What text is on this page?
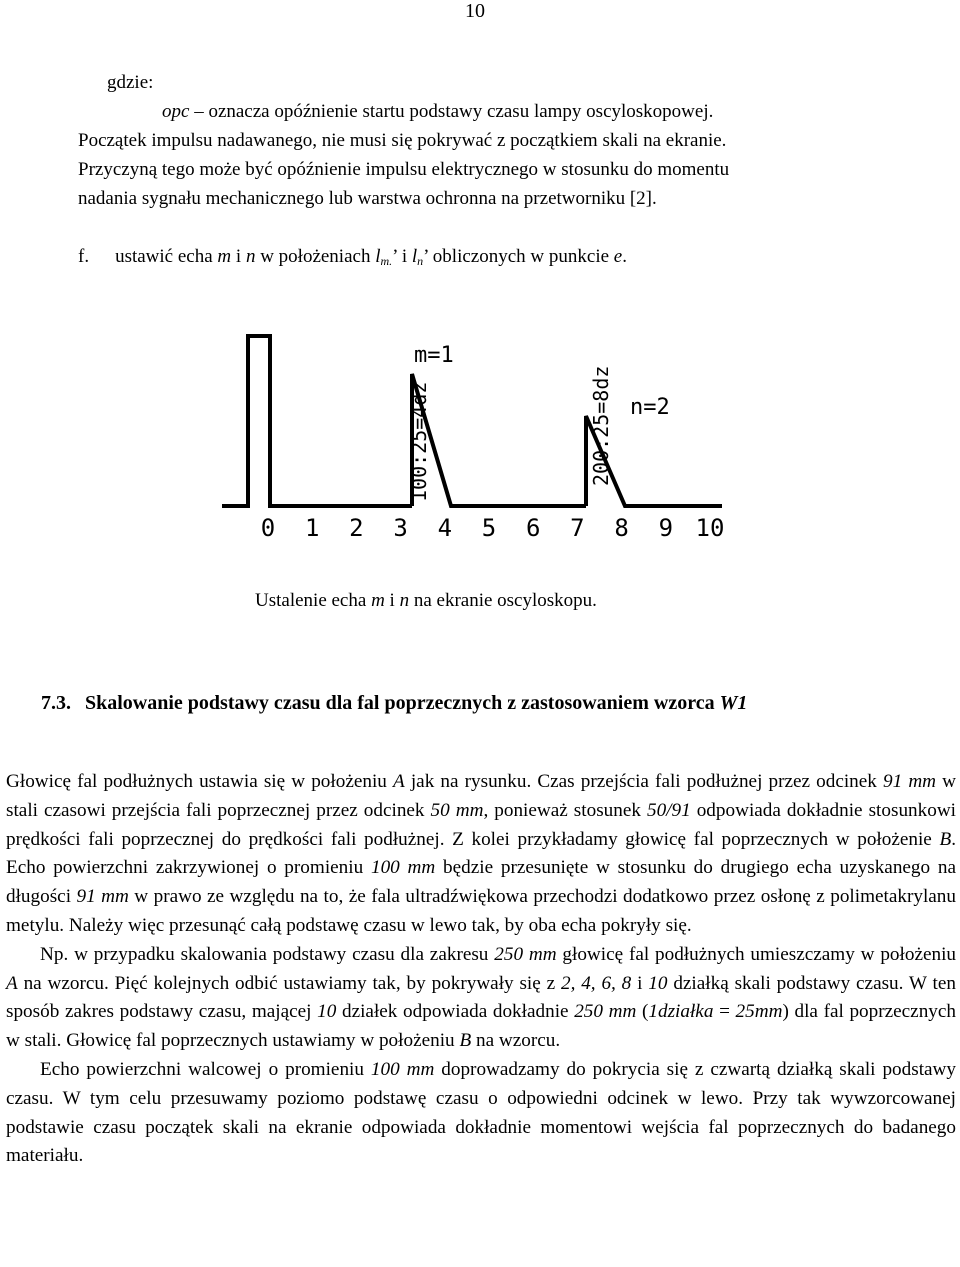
10
gdzie:
opc – oznacza opóźnienie startu podstawy czasu lampy oscyloskopowej.
Początek impulsu nadawanego, nie musi się pokrywać z początkiem skali na ekranie.
Przyczyną tego może być opóźnienie impulsu elektrycznego w stosunku do momentu
nadania sygnału mechanicznego lub warstwa ochronna na przetworniku [2].
f. ustawić echa m i n w położeniach $l_{m.}$’ i $l_n$’ obliczonych w punkcie e.
m=1
n=2
100:25=4dz	200:25=8dz
0 1 2 3 4 5 6 7 8 9 10
Ustalenie echa m i n na ekranie oscyloskopu.
7.3. Skalowanie podstawy czasu dla fal poprzecznych z zastosowaniem wzorca W1

Głowicę fal podłużnych ustawia się w położeniu A jak na rysunku. Czas przejścia fali podłużnej przez odcinek 91 mm w stali czasowi przejścia fali poprzecznej przez odcinek 50 mm, ponieważ stosunek 50/91 odpowiada dokładnie stosunkowi prędkości fali poprzecznej do prędkości fali podłużnej. Z kolei przykładamy głowicę fal poprzecznych w położenie B. Echo powierzchni zakrzywionej o promieniu 100 mm będzie przesunięte w stosunku do drugiego echa uzyskanego na długości 91 mm w prawo ze względu na to, że fala ultradźwiękowa przechodzi dodatkowo przez osłonę z polimetakrylanu metylu. Należy więc przesunąć całą podstawę czasu w lewo tak, by oba echa pokryły się.

Np. w przypadku skalowania podstawy czasu dla zakresu 250 mm głowicę fal podłużnych umieszczamy w położeniu A na wzorcu. Pięć kolejnych odbić ustawiamy tak, by pokrywały się z 2, 4, 6, 8 i 10 działką skali podstawy czasu. W ten sposób zakres podstawy czasu, mającej 10 działek odpowiada dokładnie 250 mm (1działka = 25mm) dla fal poprzecznych w stali. Głowicę fal poprzecznych ustawiamy w położeniu B na wzorcu.

Echo powierzchni walcowej o promieniu 100 mm doprowadzamy do pokrycia się z czwartą działką skali podstawy czasu. W tym celu przesuwamy poziomo podstawę czasu o odpowiedni odcinek w lewo. Przy tak wywzorcowanej podstawie czasu początek skali na ekranie odpowiada dokładnie momentowi wejścia fal poprzecznych do badanego materiału.
